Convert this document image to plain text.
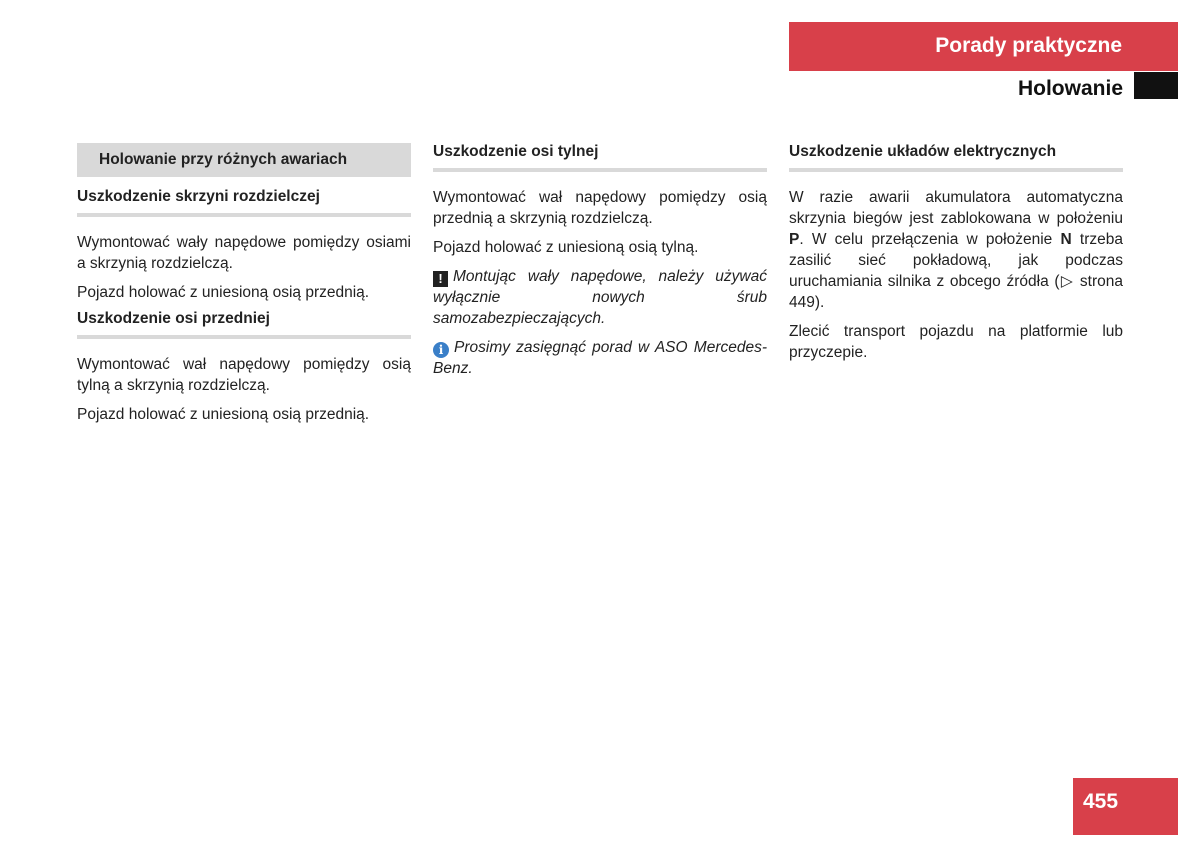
Porady praktyczne
Holowanie
Holowanie przy różnych awariach
Uszkodzenie skrzyni rozdzielczej

Wymontować wały napędowe pomiędzy osiami a skrzynią rozdzielczą.

Pojazd holować z uniesioną osią przednią.

Uszkodzenie osi przedniej

Wymontować wał napędowy pomiędzy osią tylną a skrzynią rozdzielczą.

Pojazd holować z uniesioną osią przednią.

Uszkodzenie osi tylnej

Wymontować wał napędowy pomiędzy osią przednią a skrzynią rozdzielczą.

Pojazd holować z uniesioną osią tylną.

! Montując wały napędowe, należy używać wyłącznie nowych śrub samozabezpieczających.

i Prosimy zasięgnąć porad w ASO Mercedes-Benz.

Uszkodzenie układów elektrycznych

W razie awarii akumulatora automatyczna skrzynia biegów jest zablokowana w położeniu P. W celu przełączenia w położenie N trzeba zasilić sieć pokładową, jak podczas uruchamiania silnika z obcego źródła (▷ strona 449).

Zlecić transport pojazdu na platformie lub przyczepie.

455
